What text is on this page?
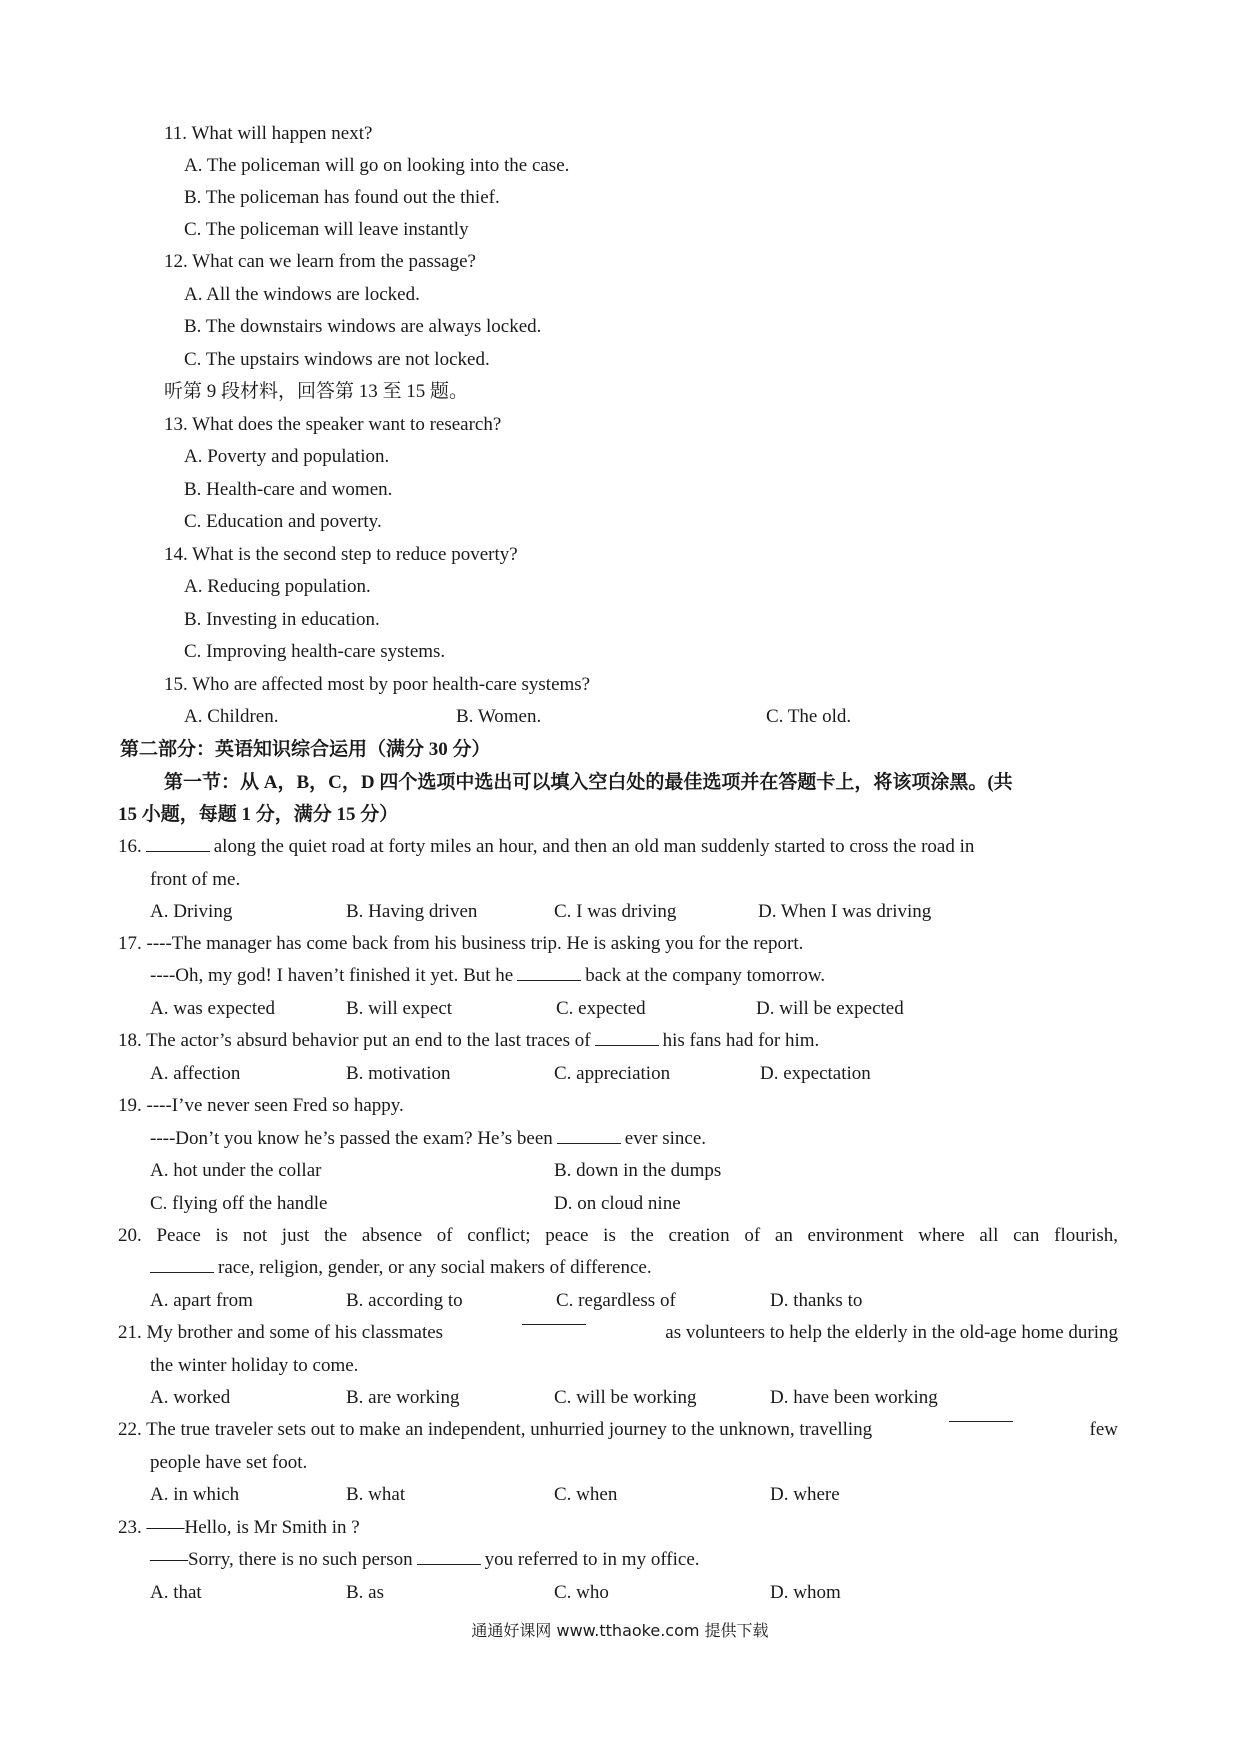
11. What will happen next?
A. The policeman will go on looking into the case.
B. The policeman has found out the thief.
C. The policeman will leave instantly
12. What can we learn from the passage?
A. All the windows are locked.
B. The downstairs windows are always locked.
C. The upstairs windows are not locked.
听第 9 段材料，回答第 13 至 15 题。
13. What does the speaker want to research?
A. Poverty and population.
B. Health-care and women.
C. Education and poverty.
14. What is the second step to reduce poverty?
A. Reducing population.
B. Investing in education.
C. Improving health-care systems.
15. Who are affected most by poor health-care systems?
A. Children.	B. Women.	C. The old.
第二部分：英语知识综合运用（满分 30 分）
第一节：从 A，B，C，D 四个选项中选出可以填入空白处的最佳选项并在答题卡上，将该项涂黑。(共
15 小题，每题 1 分，满分 15 分）
16.	along the quiet road at forty miles an hour, and then an old man suddenly started to cross the road in
front of me.
A. Driving	B. Having driven	C. I was driving	D. When I was driving
17. ----The manager has come back from his business trip. He is asking you for the report.
----Oh, my god! I haven’t finished it yet. But he	back at the company tomorrow.
A. was expected	B. will expect	C. expected	D. will be expected
18. The actor’s absurd behavior put an end to the last traces of	his fans had for him.
A. affection	B. motivation	C. appreciation	D. expectation
19. ----I’ve never seen Fred so happy.
----Don’t you know he’s passed the exam? He’s been	ever since.
A. hot under the collar	B. down in the dumps
C. flying off the handle	D. on cloud nine
20. Peace is not just the absence of conflict; peace is the creation of an environment where all can flourish,
race, religion, gender, or any social makers of difference.
A. apart from	B. according to	C. regardless of	D. thanks to
21. My brother and some of his classmates	as volunteers to help the elderly in the old-age home during
the winter holiday to come.
A. worked	B. are working	C. will be working	D. have been working
22. The true traveler sets out to make an independent, unhurried journey to the unknown, travelling	few
people have set foot.
A. in which	B. what	C. when	D. where
23. ——Hello, is Mr Smith in ?
——Sorry, there is no such person	you referred to in my office.
A. that	B. as	C. who	D. whom
通通好课网 www.tthaoke.com 提供下载
